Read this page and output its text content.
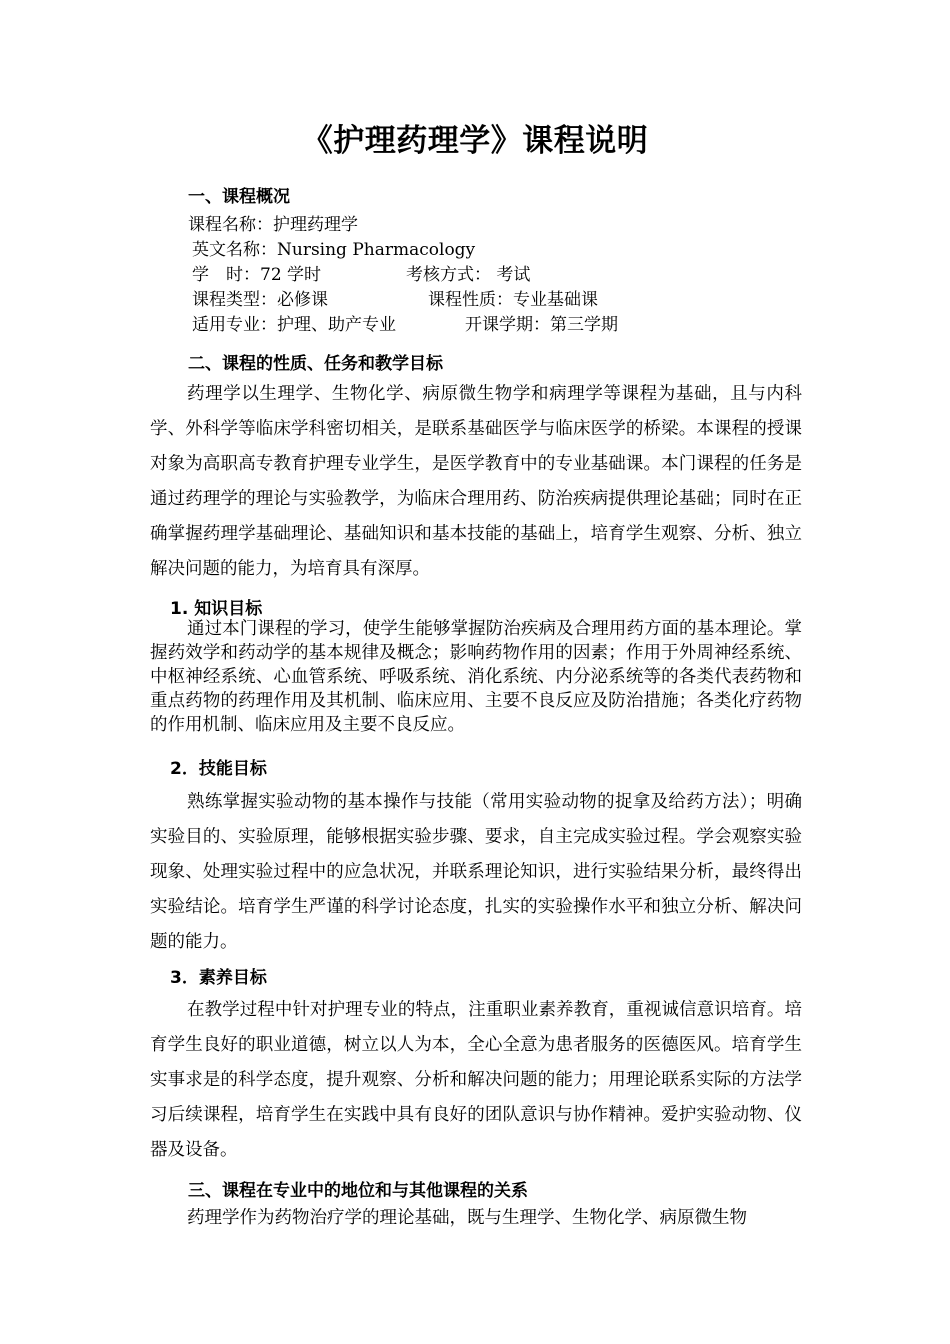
《护理药理学》课程说明
一、课程概况
课程名称：护理药理学
英文名称：Nursing Pharmacology
学　时：72 学时	考核方式： 考试
课程类型：必修课	课程性质：专业基础课
适用专业：护理、助产专业	开课学期：第三学期
二、课程的性质、任务和教学目标
药理学以生理学、生物化学、病原微生物学和病理学等课程为基础，且与内科学、外科学等临床学科密切相关，是联系基础医学与临床医学的桥梁。本课程的授课对象为高职高专教育护理专业学生，是医学教育中的专业基础课。本门课程的任务是通过药理学的理论与实验教学，为临床合理用药、防治疾病提供理论基础；同时在正确掌握药理学基础理论、基础知识和基本技能的基础上，培育学生观察、分析、独立解决问题的能力，为培育具有深厚。
1. 知识目标
通过本门课程的学习，使学生能够掌握防治疾病及合理用药方面的基本理论。掌握药效学和药动学的基本规律及概念；影响药物作用的因素；作用于外周神经系统、中枢神经系统、心血管系统、呼吸系统、消化系统、内分泌系统等的各类代表药物和重点药物的药理作用及其机制、临床应用、主要不良反应及防治措施；各类化疗药物的作用机制、临床应用及主要不良反应。
2．技能目标
熟练掌握实验动物的基本操作与技能（常用实验动物的捉拿及给药方法）；明确实验目的、实验原理，能够根据实验步骤、要求，自主完成实验过程。学会观察实验现象、处理实验过程中的应急状况，并联系理论知识，进行实验结果分析，最终得出实验结论。培育学生严谨的科学讨论态度，扎实的实验操作水平和独立分析、解决问题的能力。
3．素养目标
在教学过程中针对护理专业的特点，注重职业素养教育，重视诚信意识培育。培育学生良好的职业道德，树立以人为本，全心全意为患者服务的医德医风。培育学生实事求是的科学态度，提升观察、分析和解决问题的能力；用理论联系实际的方法学习后续课程，培育学生在实践中具有良好的团队意识与协作精神。爱护实验动物、仪器及设备。
三、课程在专业中的地位和与其他课程的关系
药理学作为药物治疗学的理论基础，既与生理学、生物化学、病原微生物
